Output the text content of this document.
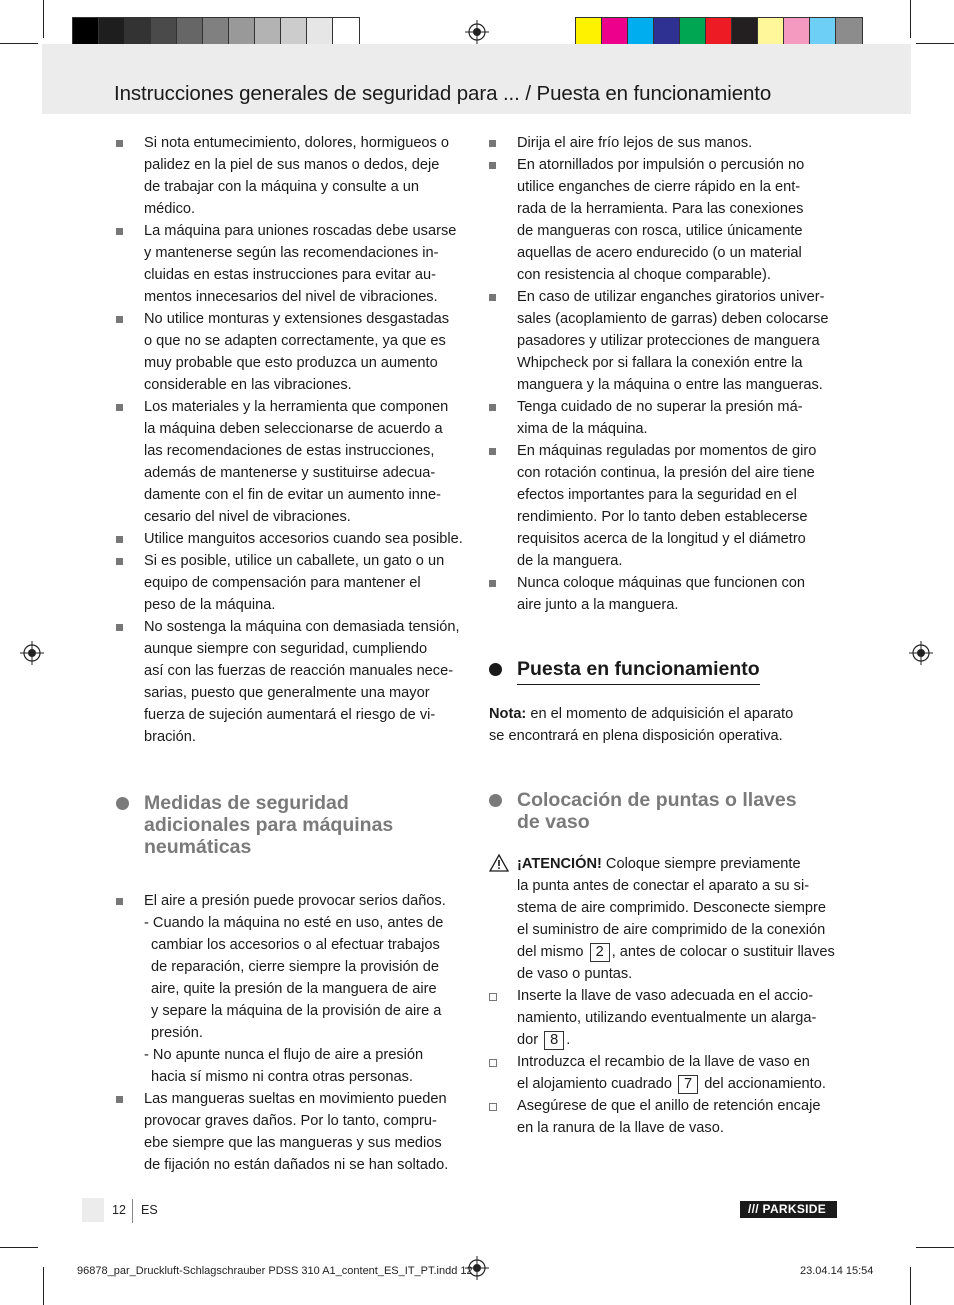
Instrucciones generales de seguridad para ... / Puesta en funcionamiento
Si nota entumecimiento, dolores, hormigueos o
palidez en la piel de sus manos o dedos, deje
de trabajar con la máquina y consulte a un
médico.
La máquina para uniones roscadas debe usarse
y mantenerse según las recomendaciones in-
cluidas en estas instrucciones para evitar au-
mentos innecesarios del nivel de vibraciones.
No utilice monturas y extensiones desgastadas
o que no se adapten correctamente, ya que es
muy probable que esto produzca un aumento
considerable en las vibraciones.
Los materiales y la herramienta que componen
la máquina deben seleccionarse de acuerdo a
las recomendaciones de estas instrucciones,
además de mantenerse y sustituirse adecua-
damente con el fin de evitar un aumento inne-
cesario del nivel de vibraciones.
Utilice manguitos accesorios cuando sea posible.
Si es posible, utilice un caballete, un gato o un
equipo de compensación para mantener el
peso de la máquina.
No sostenga la máquina con demasiada tensión,
aunque siempre con seguridad, cumpliendo
así con las fuerzas de reacción manuales nece-
sarias, puesto que generalmente una mayor
fuerza de sujeción aumentará el riesgo de vi-
bración.
Medidas de seguridad
adicionales para máquinas
neumáticas

El aire a presión puede provocar serios daños.

- Cuando la máquina no esté en uso, antes de
cambiar los accesorios o al efectuar trabajos
de reparación, cierre siempre la provisión de
aire, quite la presión de la manguera de aire
y separe la máquina de la provisión de aire a
presión.
- No apunte nunca el flujo de aire a presión
hacia sí mismo ni contra otras personas.
Las mangueras sueltas en movimiento pueden
provocar graves daños. Por lo tanto, compru-
ebe siempre que las mangueras y sus medios
de fijación no están dañados ni se han soltado.
Dirija el aire frío lejos de sus manos.
En atornillados por impulsión o percusión no
utilice enganches de cierre rápido en la ent-
rada de la herramienta. Para las conexiones
de mangueras con rosca, utilice únicamente
aquellas de acero endurecido (o un material
con resistencia al choque comparable).
En caso de utilizar enganches giratorios univer-
sales (acoplamiento de garras) deben colocarse
pasadores y utilizar protecciones de manguera
Whipcheck por si fallara la conexión entre la
manguera y la máquina o entre las mangueras.
Tenga cuidado de no superar la presión má-
xima de la máquina.
En máquinas reguladas por momentos de giro
con rotación continua, la presión del aire tiene
efectos importantes para la seguridad en el
rendimiento. Por lo tanto deben establecerse
requisitos acerca de la longitud y el diámetro
de la manguera.
Nunca coloque máquinas que funcionen con
aire junto a la manguera.
Puesta en funcionamiento
Nota: en el momento de adquisición el aparato
se encontrará en plena disposición operativa.
Colocación de puntas o llaves
de vaso
¡ATENCIÓN! Coloque siempre previamente
la punta antes de conectar el aparato a su si-
stema de aire comprimido. Desconecte siempre
el suministro de aire comprimido de la conexión
del mismo 2 , antes de colocar o sustituir llaves
de vaso o puntas.
Inserte la llave de vaso adecuada en el accio-
namiento, utilizando eventualmente un alarga-
dor 8 .
Introduzca el recambio de la llave de vaso en
el alojamiento cuadrado 7 del accionamiento.
Asegúrese de que el anillo de retención encaje
en la ranura de la llave de vaso.
12 ES	/// PARKSIDE
96878_par_Druckluft-Schlagschrauber PDSS 310 A1_content_ES_IT_PT.indd 12	23.04.14 15:54
